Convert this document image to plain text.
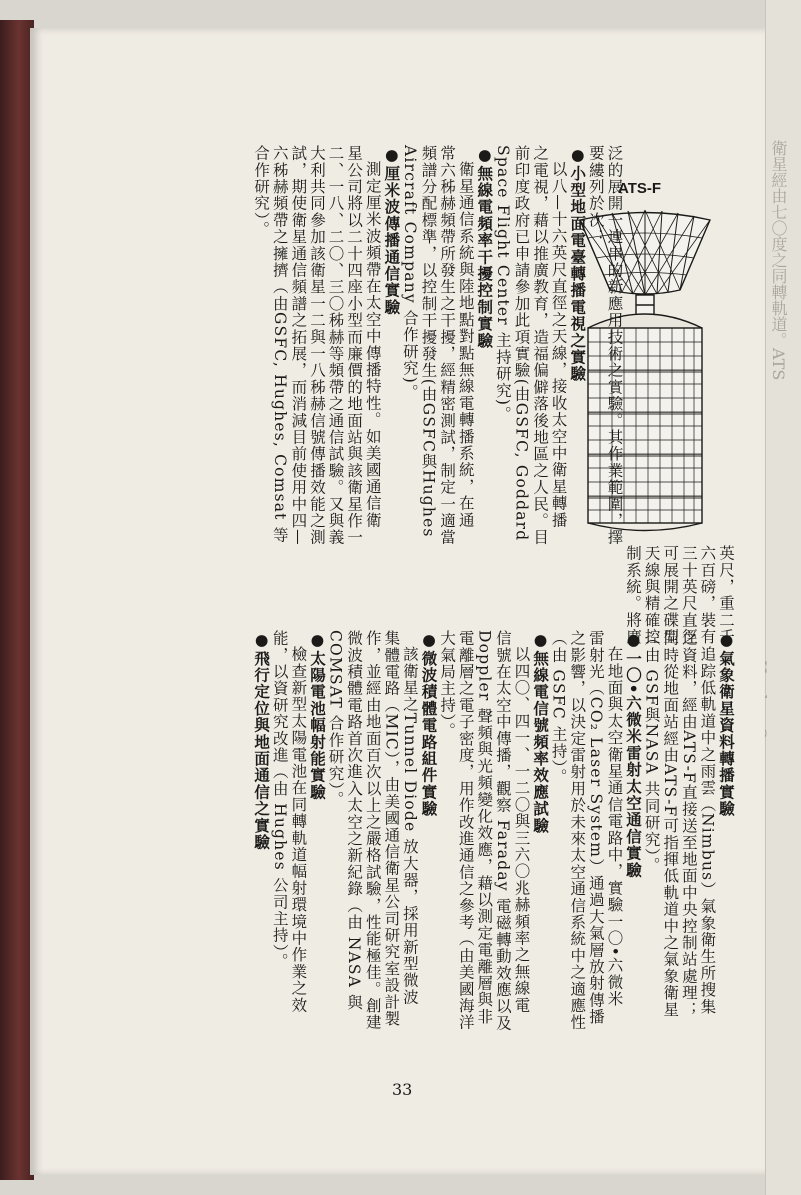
衛星經由七〇度之同轉軌道。ATS
ATS-F
英尺，重二千
六百磅，裝有
三十英尺直徑
可展開之碟型
天線與精確控
制系統。將廣
泛的展開一連串的新應用技術之實驗。其作業範圍，擇
要縷列於次：
●小型地面電臺轉播電視之實驗
以八—十六英尺直徑之天線，接收太空中衛星轉播
之電視，藉以推廣教育，造福偏僻落後地區之人民。目
前印度政府已申請參加此項實驗(由GSFC, Goddard
Space Flight Center 主持研究)。
●無線電頻率干擾控制實驗
衛星通信系統與陸地點對點無線電轉播系統，在通
常六秭赫頻帶所發生之干擾，經精密測試，制定一適當
頻譜分配標準，以控制干擾發生(由GSFC與Hughes
Aircraft Company 合作研究)。
●厘米波傳播通信實驗
測定厘米波頻帶在太空中傳播特性。如美國通信衛
星公司將以二十四座小型而廉價的地面站與該衛星作一
二、一八、二〇、三〇秭赫等頻帶之通信試驗。又與義
大利共同參加該衛星一二與一八秭赫信號傳播效能之測
試，期使衛星通信頻譜之拓展，而消減目前使用中四—
六秭赫頻帶之擁擠（由GSFC, Hughes, Comsat 等
合作研究）。
●氣象衛星資料轉播實驗
追踪低軌道中之雨雲（Nimbus）氣象衛生所搜集
之資料，經由ATS-F直接送至地面中央控制站處理；
同時從地面站經由ATS-F可指揮低軌道中之氣象衛星
（由 GSF與NASA 共同研究）。
●一〇•六微米雷射太空通信實驗
在地面與太空衛星通信電路中，實驗一〇•六微米
雷射光（CO₂ Laser System）通過大氣層放射傳播
之影響，以決定雷射用於未來太空通信系統中之適應性
（由 GSFC 主持）。
●無線電信號頻率效應試驗
以四〇、四一、一二〇與三六〇兆赫頻率之無線電
信號在太空中傳播，觀察 Faraday 電磁轉動效應以及
Doppler 聲頻與光頻變化效應，藉以測定電離層與非
電離層之電子密度，用作改進通信之參考（由美國海洋
大氣局主持）。
●微波積體電路組件實驗
該衛星之Tunnel Diode 放大器，採用新型微波
集體電路（MIC），由美國通信衛星公司研究室設計製
作，並經由地面百次以上之嚴格試驗，性能極佳。創建
微波積體電路首次進入太空之新紀錄（由 NASA 與
COMSAT 合作研究）。
●太陽電池幅射能實驗
檢查新型太陽電池在同轉軌道幅射環境中作業之效
能，以資研究改進（由 Hughes 公司主持）。
●飛行定位與地面通信之實驗
33
